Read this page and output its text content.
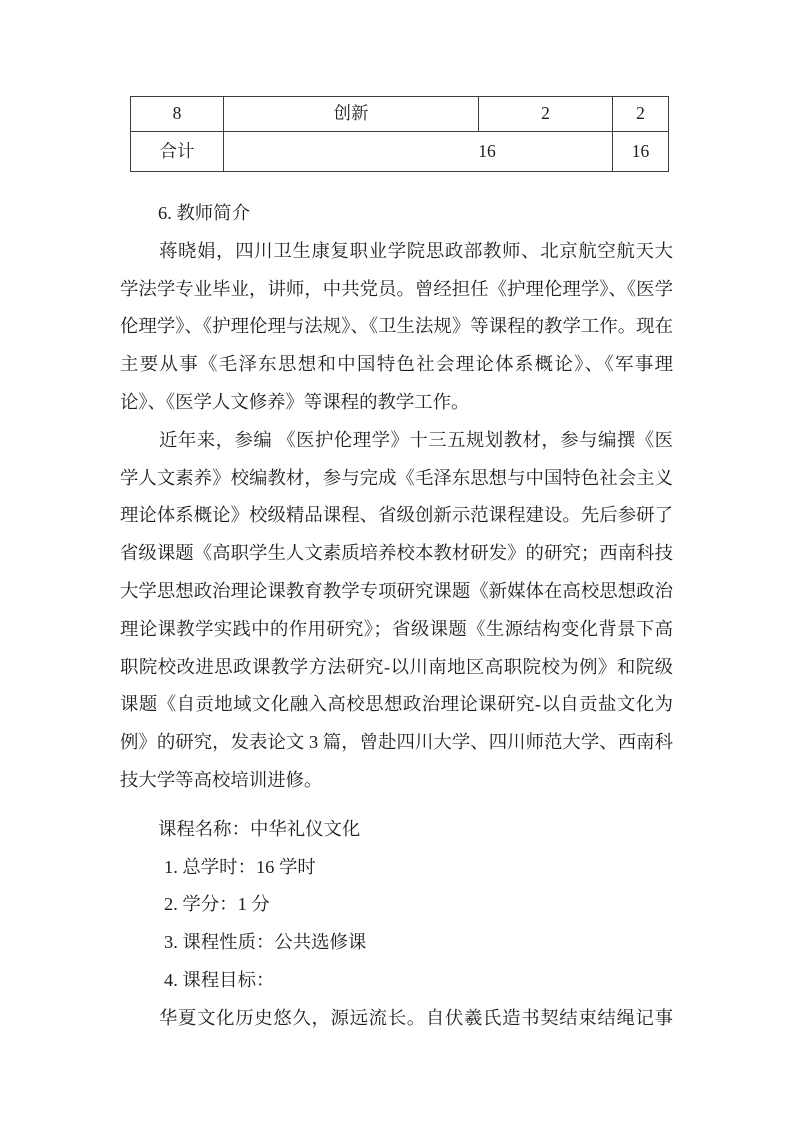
8	创新	2	2
合计	16		16

6. 教师简介

蒋晓娟，四川卫生康复职业学院思政部教师、北京航空航天大学法学专业毕业，讲师，中共党员。曾经担任《护理伦理学》、《医学伦理学》、《护理伦理与法规》、《卫生法规》等课程的教学工作。现在主要从事《毛泽东思想和中国特色社会理论体系概论》、《军事理论》、《医学人文修养》等课程的教学工作。

近年来，参编 《医护伦理学》十三五规划教材，参与编撰《医学人文素养》校编教材，参与完成《毛泽东思想与中国特色社会主义理论体系概论》校级精品课程、省级创新示范课程建设。先后参研了省级课题《高职学生人文素质培养校本教材研发》的研究；西南科技大学思想政治理论课教育教学专项研究课题《新媒体在高校思想政治理论课教学实践中的作用研究》；省级课题《生源结构变化背景下高职院校改进思政课教学方法研究-以川南地区高职院校为例》和院级课题《自贡地域文化融入高校思想政治理论课研究-以自贡盐文化为例》的研究，发表论文 3 篇，曾赴四川大学、四川师范大学、西南科技大学等高校培训进修。

课程名称：中华礼仪文化

1. 总学时：16 学时

2. 学分：1 分

3. 课程性质：公共选修课

4. 课程目标：

华夏文化历史悠久，源远流长。自伏羲氏造书契结束结绳记事
